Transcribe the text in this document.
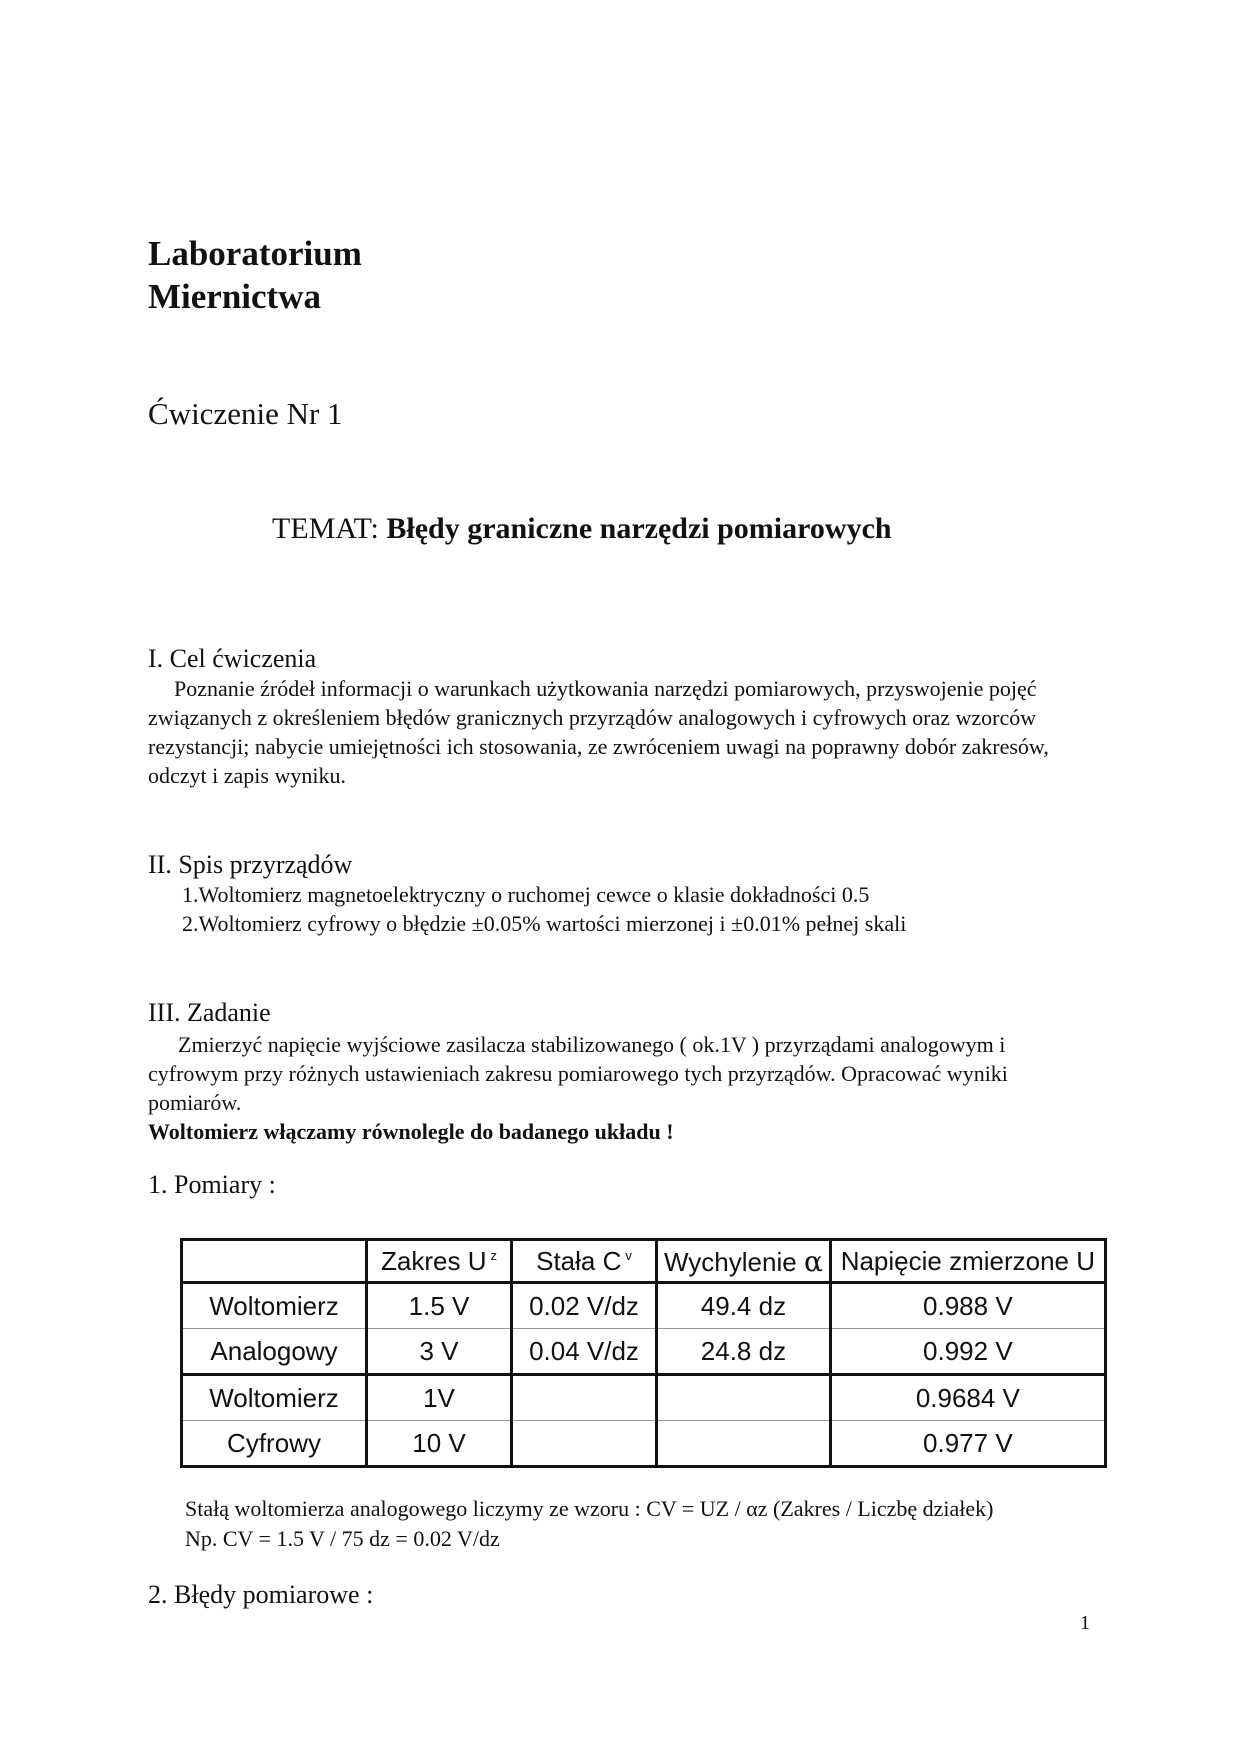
Laboratorium
Miernictwa
Ćwiczenie Nr 1
TEMAT: Błędy graniczne narzędzi pomiarowych
I. Cel ćwiczenia
Poznanie źródeł informacji o warunkach użytkowania narzędzi pomiarowych, przyswojenie pojęć związanych z określeniem błędów granicznych przyrządów analogowych i cyfrowych oraz wzorców rezystancji; nabycie umiejętności ich stosowania, ze zwróceniem uwagi na poprawny dobór zakresów, odczyt i zapis wyniku.
II. Spis przyrządów
1.Woltomierz magnetoelektryczny o ruchomej cewce o klasie dokładności 0.5
2.Woltomierz cyfrowy o błędzie ±0.05% wartości mierzonej i ±0.01% pełnej skali
III. Zadanie
Zmierzyć napięcie wyjściowe zasilacza stabilizowanego ( ok.1V ) przyrządami analogowym i cyfrowym przy różnych ustawieniach zakresu pomiarowego tych przyrządów. Opracować wyniki pomiarów.
Woltomierz włączamy równolegle do badanego układu !
1. Pomiary :
	Zakres U $^z$	Stała C $^v$	Wychylenie α	Napięcie zmierzone U
Woltomierz	1.5 V	0.02 V/dz	49.4 dz	0.988 V
Analogowy	3 V	0.04 V/dz	24.8 dz	0.992 V
Woltomierz	1V			0.9684 V
Cyfrowy	10 V			0.977 V
Stałą woltomierza analogowego liczymy ze wzoru : CV = UZ / αz (Zakres / Liczbę działek)
Np. CV = 1.5 V / 75 dz = 0.02 V/dz
2. Błędy pomiarowe :
1
